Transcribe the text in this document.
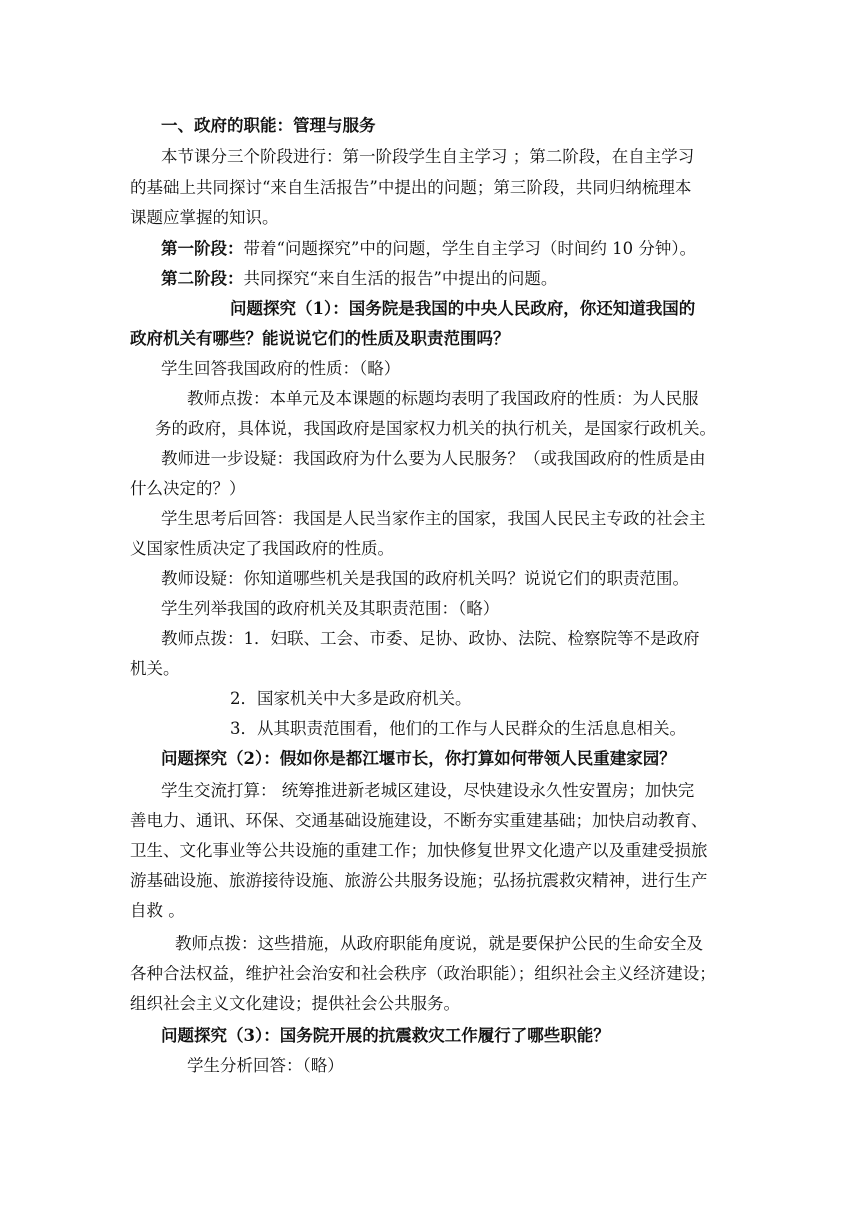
一、政府的职能：管理与服务
本节课分三个阶段进行：第一阶段学生自主学习 ；第二阶段，在自主学习
的基础上共同探讨“来自生活报告”中提出的问题；第三阶段，共同归纳梳理本
课题应掌握的知识。
第一阶段：带着“问题探究”中的问题，学生自主学习（时间约 10 分钟）。
第二阶段：共同探究“来自生活的报告”中提出的问题。
问题探究（1）：国务院是我国的中央人民政府，你还知道我国的
政府机关有哪些？能说说它们的性质及职责范围吗？
学生回答我国政府的性质：（略）
教师点拨：本单元及本课题的标题均表明了我国政府的性质：为人民服
务的政府，具体说，我国政府是国家权力机关的执行机关，是国家行政机关。
教师进一步设疑：我国政府为什么要为人民服务？（或我国政府的性质是由
什么决定的？）
学生思考后回答：我国是人民当家作主的国家，我国人民民主专政的社会主
义国家性质决定了我国政府的性质。
教师设疑：你知道哪些机关是我国的政府机关吗？说说它们的职责范围。
学生列举我国的政府机关及其职责范围：（略）
教师点拨：1．妇联、工会、市委、足协、政协、法院、检察院等不是政府
机关。
2．国家机关中大多是政府机关。
3．从其职责范围看，他们的工作与人民群众的生活息息相关。
问题探究（2）：假如你是都江堰市长，你打算如何带领人民重建家园？
学生交流打算： 统筹推进新老城区建设，尽快建设永久性安置房；加快完
善电力、通讯、环保、交通基础设施建设，不断夯实重建基础；加快启动教育、
卫生、文化事业等公共设施的重建工作；加快修复世界文化遗产以及重建受损旅
游基础设施、旅游接待设施、旅游公共服务设施；弘扬抗震救灾精神，进行生产
自救 。
教师点拨：这些措施，从政府职能角度说，就是要保护公民的生命安全及
各种合法权益，维护社会治安和社会秩序（政治职能）；组织社会主义经济建设；
组织社会主义文化建设；提供社会公共服务。
问题探究（3）：国务院开展的抗震救灾工作履行了哪些职能？
学生分析回答：（略）
